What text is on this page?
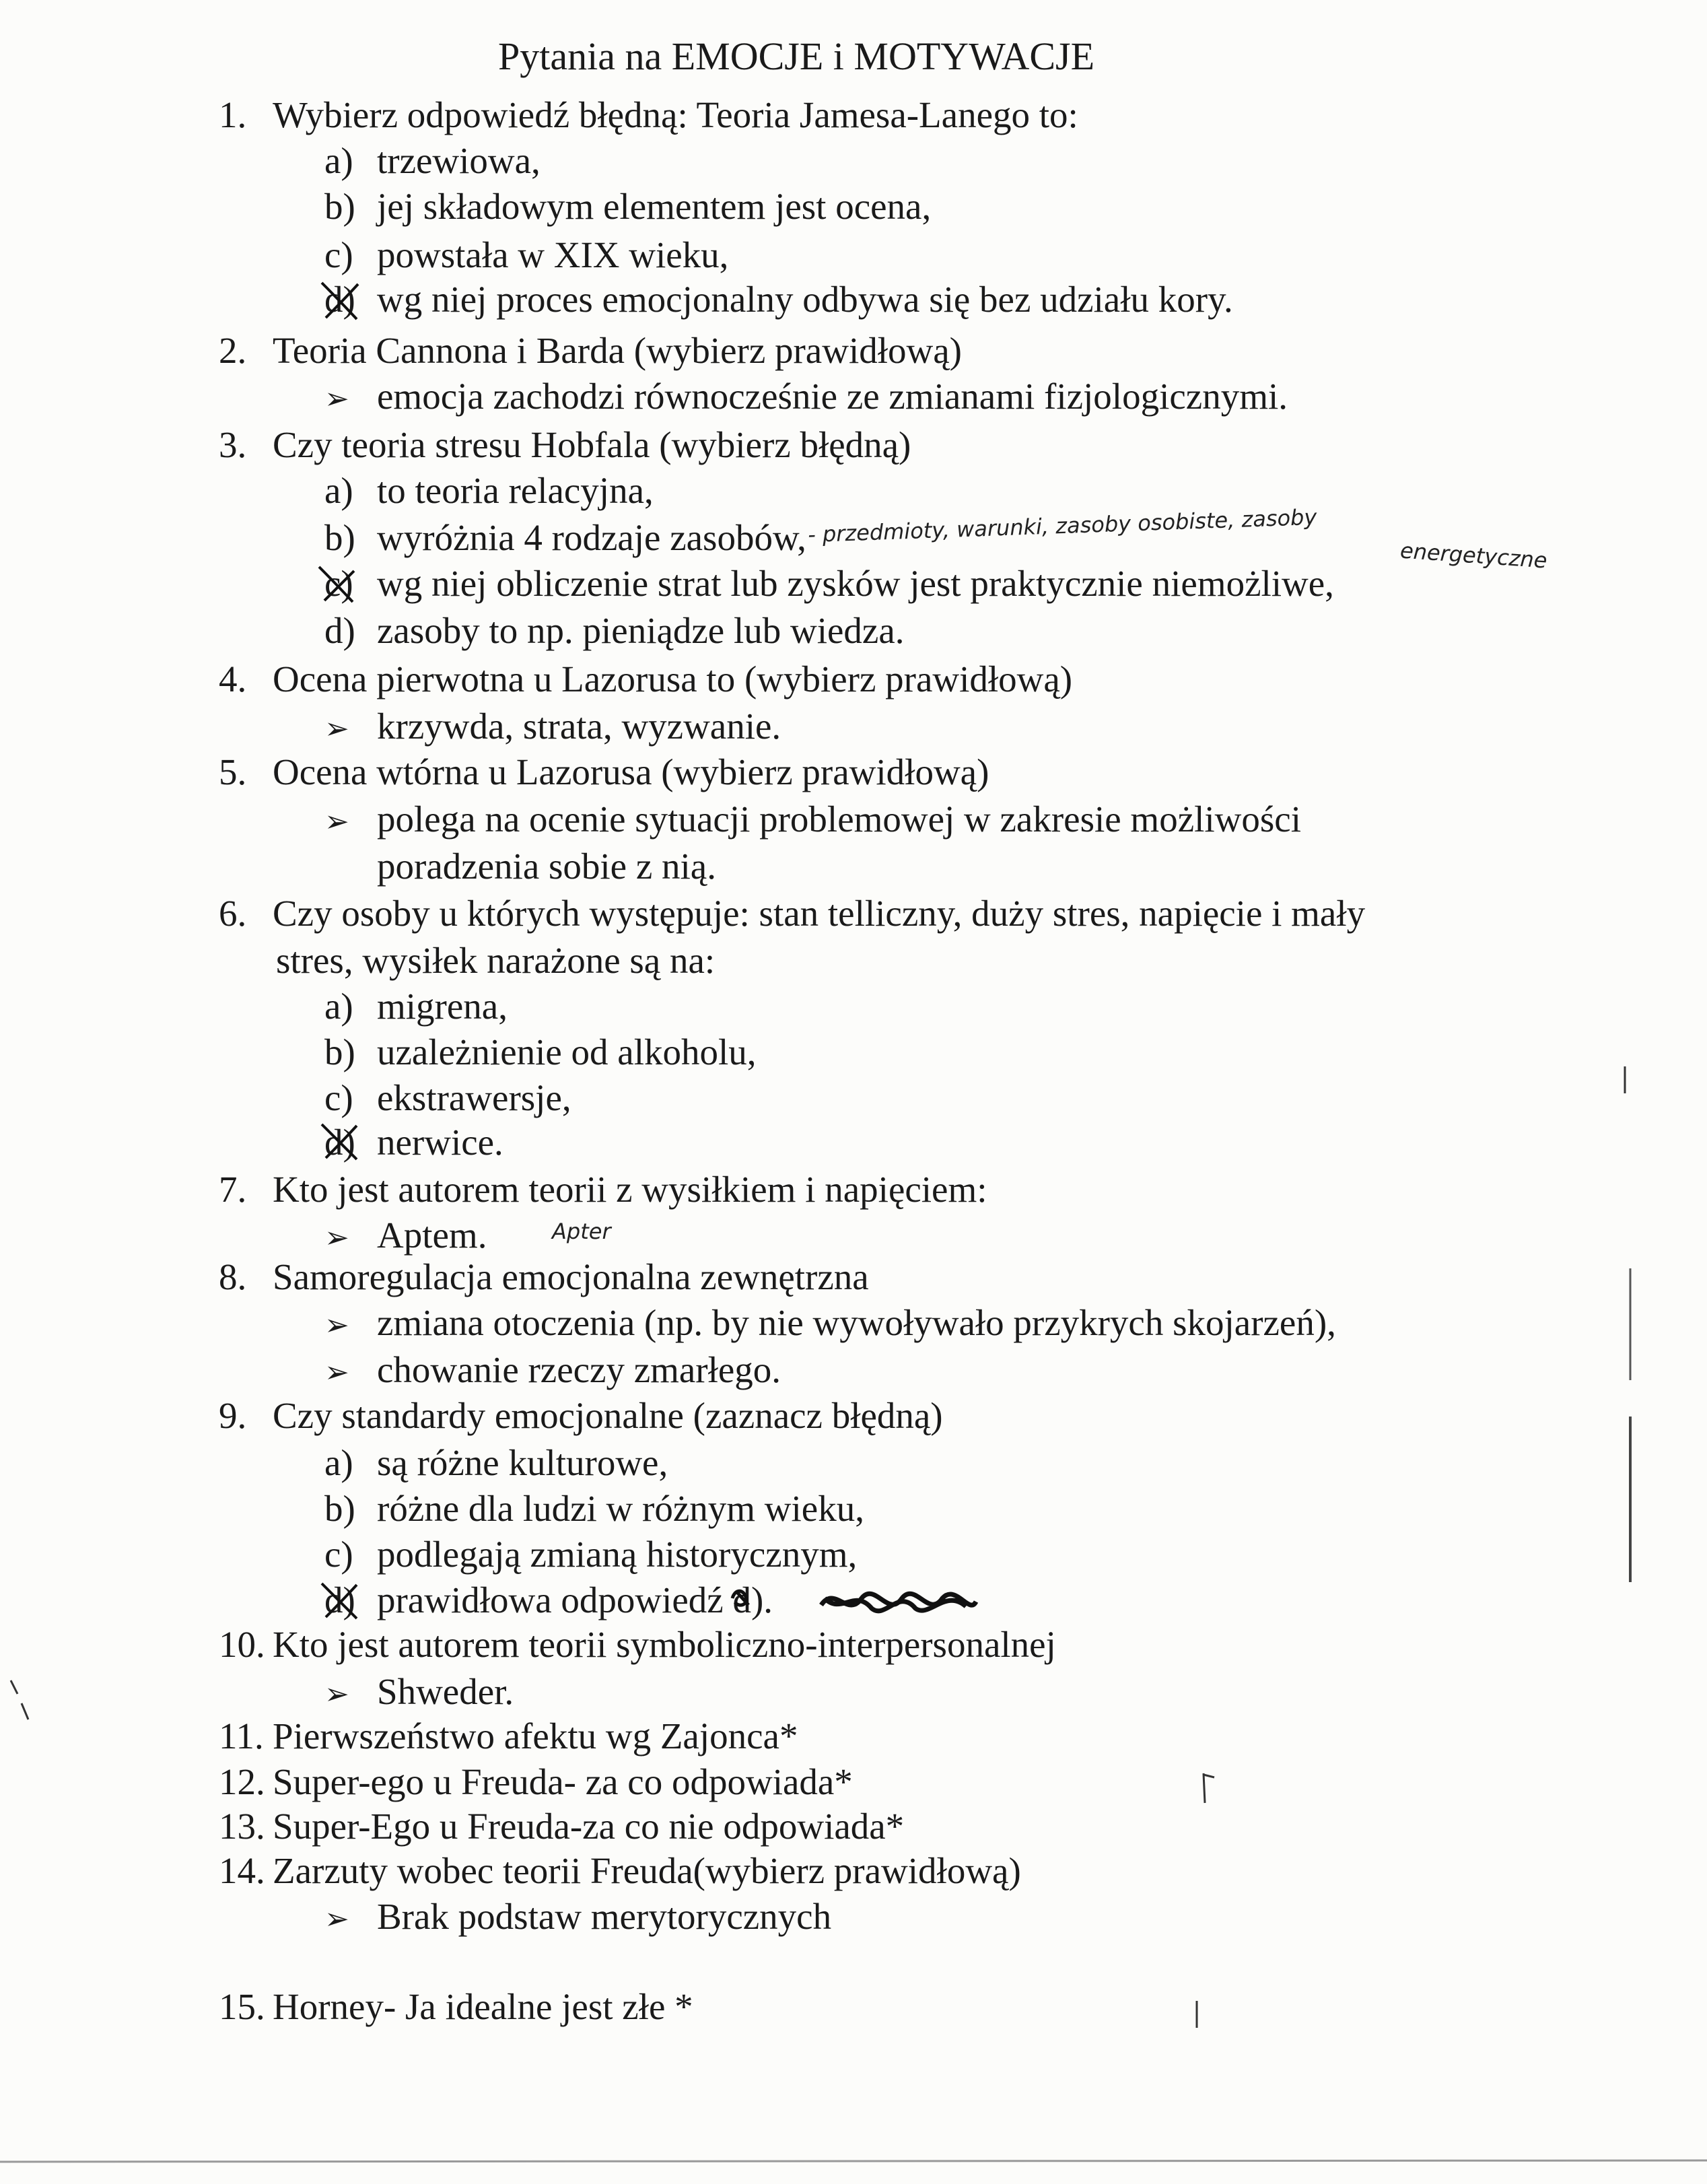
Pytania na EMOCJE i MOTYWACJE
1. Wybierz odpowiedź błędną: Teoria Jamesa-Lanego to:
a) trzewiowa,
b) jej składowym elementem jest ocena,
c) powstała w XIX wieku,
d) wg niej proces emocjonalny odbywa się bez udziału kory.
2. Teoria Cannona i Barda (wybierz prawidłową)
➢ emocja zachodzi równocześnie ze zmianami fizjologicznymi.
3. Czy teoria stresu Hobfala (wybierz błędną)
a) to teoria relacyjna,
b) wyróżnia 4 rodzaje zasobów, - przedmioty, warunki, zasoby osobiste, zasoby
energetyczne
c) wg niej obliczenie strat lub zysków jest praktycznie niemożliwe,
d) zasoby to np. pieniądze lub wiedza.
4. Ocena pierwotna u Lazorusa to (wybierz prawidłową)
➢ krzywda, strata, wyzwanie.
5. Ocena wtórna u Lazorusa (wybierz prawidłową)
➢ polega na ocenie sytuacji problemowej w zakresie możliwości
poradzenia sobie z nią.
6. Czy osoby u których występuje: stan telliczny, duży stres, napięcie i mały
stres, wysiłek narażone są na:
a) migrena,
b) uzależnienie od alkoholu,
c) ekstrawersje,
d) nerwice.
7. Kto jest autorem teorii z wysiłkiem i napięciem:
➢ Aptem.	Apter
8. Samoregulacja emocjonalna zewnętrzna
➢ zmiana otoczenia (np. by nie wywoływało przykrych skojarzeń),
➢ chowanie rzeczy zmarłego.
9. Czy standardy emocjonalne (zaznacz błędną)
a) są różne kulturowe,
b) różne dla ludzi w różnym wieku,
c) podlegają zmianą historycznym,
d) prawidłowa odpowiedź d).
10. Kto jest autorem teorii symboliczno-interpersonalnej
➢ Shweder.
11. Pierwszeństwo afektu wg Zajonca*
12. Super-ego u Freuda- za co odpowiada*
13. Super-Ego u Freuda-za co nie odpowiada*
14. Zarzuty wobec teorii Freuda(wybierz prawidłową)
➢ Brak podstaw merytorycznych
15. Horney- Ja idealne jest złe *
